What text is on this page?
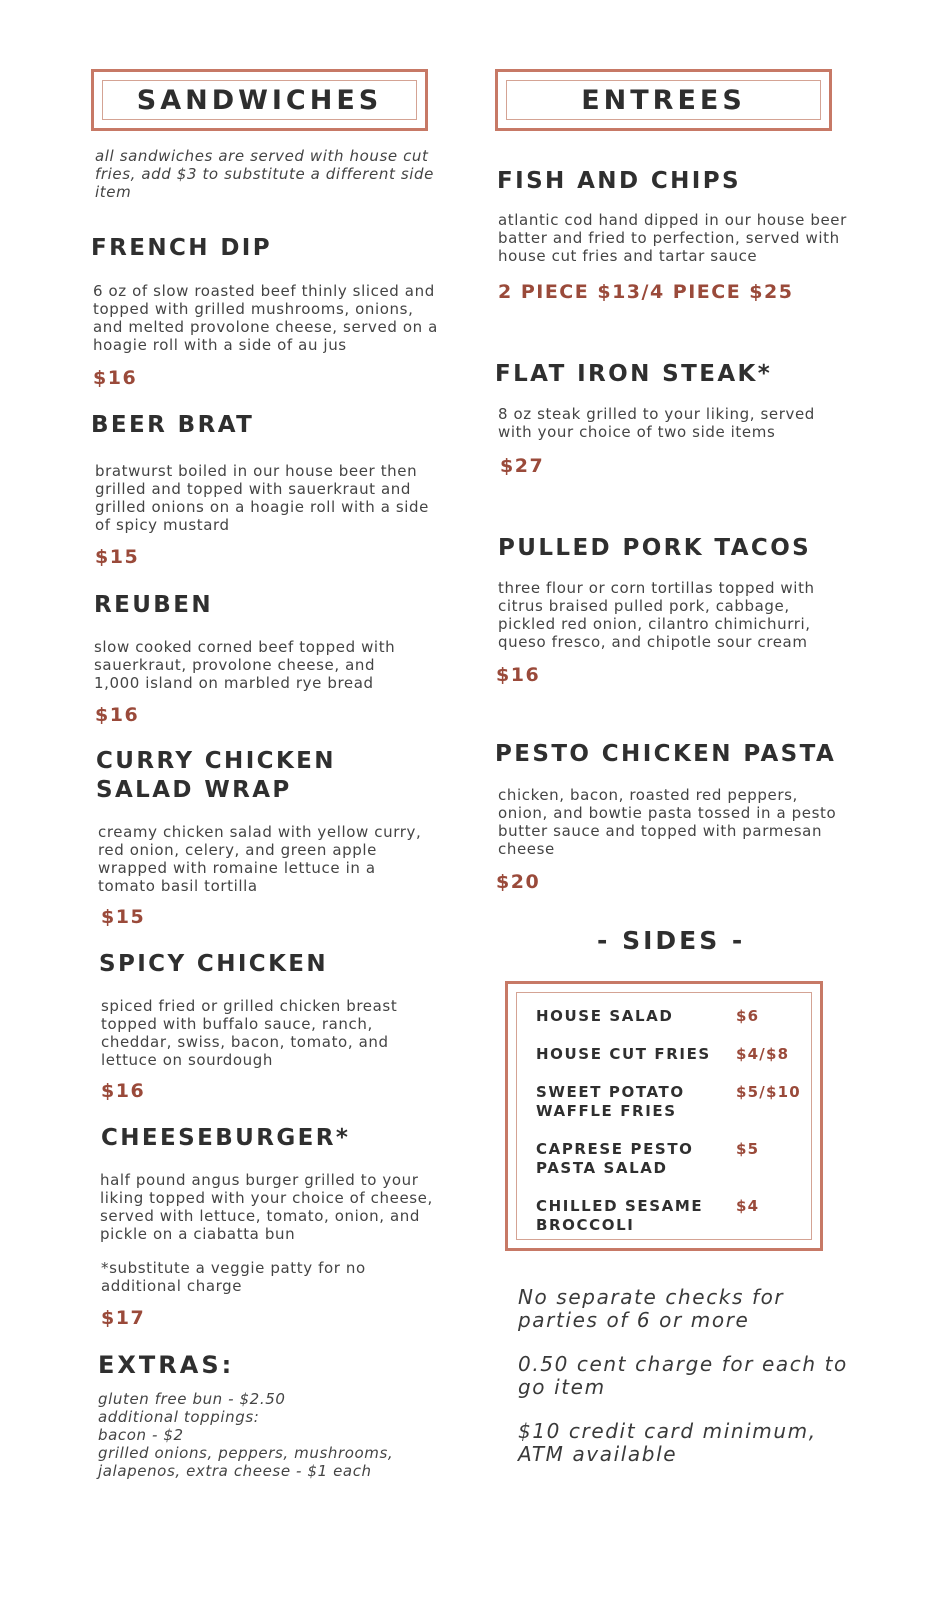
SANDWICHES
all sandwiches are served with house cut fries, add $3 to substitute a different side item
FRENCH DIP
6 oz of slow roasted beef thinly sliced and topped with grilled mushrooms, onions, and melted provolone cheese, served on a hoagie roll with a side of au jus
$16
BEER BRAT
bratwurst boiled in our house beer then grilled and topped with sauerkraut and grilled onions on a hoagie roll with a side of spicy mustard
$15
REUBEN
slow cooked corned beef topped with sauerkraut, provolone cheese, and 1,000 island on marbled rye bread
$16
CURRY CHICKEN
SALAD WRAP
creamy chicken salad with yellow curry, red onion, celery, and green apple wrapped with romaine lettuce in a tomato basil tortilla
$15
SPICY CHICKEN
spiced fried or grilled chicken breast topped with buffalo sauce, ranch, cheddar, swiss, bacon, tomato, and lettuce on sourdough
$16
CHEESEBURGER*
half pound angus burger grilled to your liking topped with your choice of cheese, served with lettuce, tomato, onion, and pickle on a ciabatta bun
*substitute a veggie patty for no additional charge
$17
EXTRAS:
gluten free bun - $2.50
additional toppings:
bacon - $2
grilled onions, peppers, mushrooms,
jalapenos, extra cheese - $1 each
ENTREES
FISH AND CHIPS
atlantic cod hand dipped in our house beer batter and fried to perfection, served with house cut fries and tartar sauce
2 PIECE $13/4 PIECE $25
FLAT IRON STEAK*
8 oz steak grilled to your liking, served with your choice of two side items
$27
PULLED PORK TACOS
three flour or corn tortillas topped with citrus braised pulled pork, cabbage, pickled red onion, cilantro chimichurri, queso fresco, and chipotle sour cream
$16
PESTO CHICKEN PASTA
chicken, bacon, roasted red peppers, onion, and bowtie pasta tossed in a pesto butter sauce and topped with parmesan cheese
$20
- SIDES -
HOUSE SALAD	$6
HOUSE CUT FRIES	$4/$8
SWEET POTATO WAFFLE FRIES
$5/$10
CAPRESE PESTO PASTA SALAD
$5
CHILLED SESAME BROCCOLI
$4
No separate checks for parties of 6 or more
0.50 cent charge for each to go item
$10 credit card minimum, ATM available
